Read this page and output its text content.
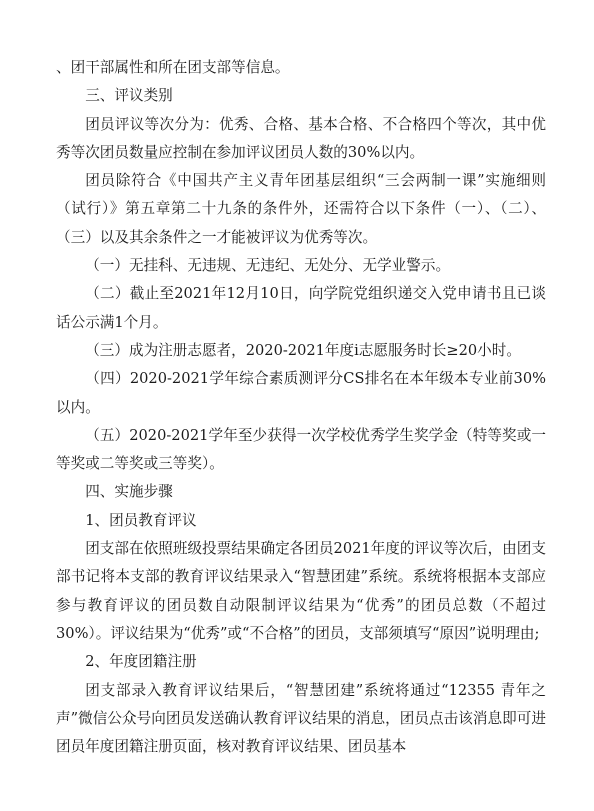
、团干部属性和所在团支部等信息。

三、评议类别

团员评议等次分为：优秀、合格、基本合格、不合格四个等次，其中优秀等次团员数量应控制在参加评议团员人数的30%以内。

团员除符合《中国共产主义青年团基层组织“三会两制一课”实施细则（试行）》第五章第二十九条的条件外，还需符合以下条件（一）、（二）、（三）以及其余条件之一才能被评议为优秀等次。

（一）无挂科、无违规、无违纪、无处分、无学业警示。

（二）截止至2021年12月10日，向学院党组织递交入党申请书且已谈话公示满1个月。

（三）成为注册志愿者，2020-2021年度i志愿服务时长≥20小时。

（四）2020-2021学年综合素质测评分CS排名在本年级本专业前30%以内。

（五）2020-2021学年至少获得一次学校优秀学生奖学金（特等奖或一等奖或二等奖或三等奖）。

四、实施步骤

1、团员教育评议

团支部在依照班级投票结果确定各团员2021年度的评议等次后，由团支部书记将本支部的教育评议结果录入“智慧团建”系统。系统将根据本支部应参与教育评议的团员数自动限制评议结果为“优秀”的团员总数（不超过30%）。评议结果为“优秀”或“不合格”的团员，支部须填写“原因”说明理由;

2、年度团籍注册

团支部录入教育评议结果后，“智慧团建”系统将通过“12355 青年之声”微信公众号向团员发送确认教育评议结果的消息，团员点击该消息即可进团员年度团籍注册页面，核对教育评议结果、团员基本
